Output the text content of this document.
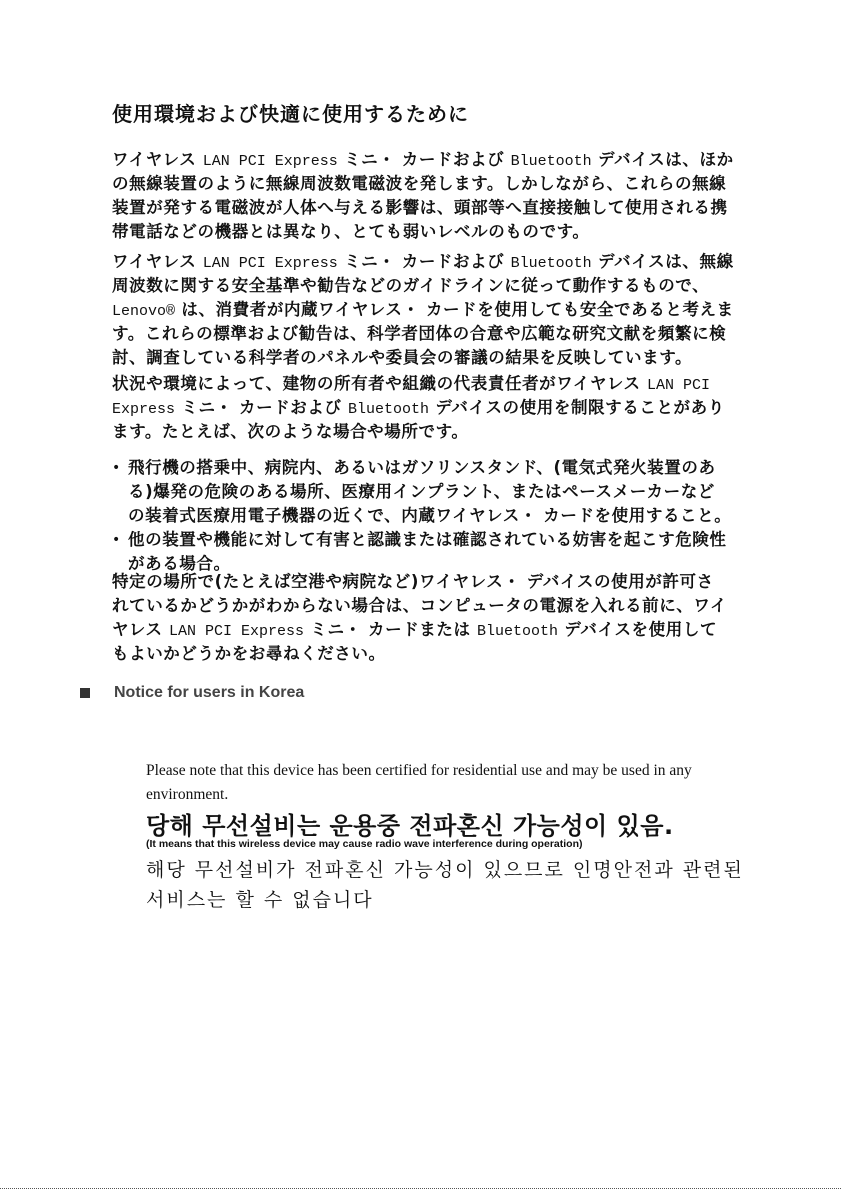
使用環境および快適に使用するために
ワイヤレス LAN PCI Express ミニ・ カードおよび Bluetooth デバイスは、ほか
の無線装置のように無線周波数電磁波を発します。しかしながら、これらの無線
装置が発する電磁波が人体へ与える影響は、頭部等へ直接接触して使用される携
帯電話などの機器とは異なり、とても弱いレベルのものです。
ワイヤレス LAN PCI Express ミニ・ カードおよび Bluetooth デバイスは、無線
周波数に関する安全基準や勧告などのガイドラインに従って動作するもので、
Lenovo® は、消費者が内蔵ワイヤレス・ カードを使用しても安全であると考えま
す。これらの標準および勧告は、科学者団体の合意や広範な研究文献を頻繁に検
討、調査している科学者のパネルや委員会の審議の結果を反映しています。
状況や環境によって、建物の所有者や組織の代表責任者がワイヤレス LAN PCI
Express ミニ・ カードおよび Bluetooth デバイスの使用を制限することがあり
ます。たとえば、次のような場合や場所です。
• 飛行機の搭乗中、病院内、あるいはガソリンスタンド、(電気式発火装置のあ
る)爆発の危険のある場所、医療用インプラント、またはペースメーカーなど
の装着式医療用電子機器の近くで、内蔵ワイヤレス・ カードを使用すること。
• 他の装置や機能に対して有害と認識または確認されている妨害を起こす危険性
がある場合。
特定の場所で(たとえば空港や病院など)ワイヤレス・ デバイスの使用が許可さ
れているかどうかがわからない場合は、コンピュータの電源を入れる前に、ワイ
ヤレス LAN PCI Express ミニ・ カードまたは Bluetooth デバイスを使用して
もよいかどうかをお尋ねください。
Notice for users in Korea
Please note that this device has been certified for residential use and may be used in any
environment.
당해 무선설비는 운용중 전파혼신 가능성이 있음.
(It means that this wireless device may cause radio wave interference during operation)
해당 무선설비가 전파혼신 가능성이 있으므로 인명안전과 관련된
서비스는 할 수 없습니다
